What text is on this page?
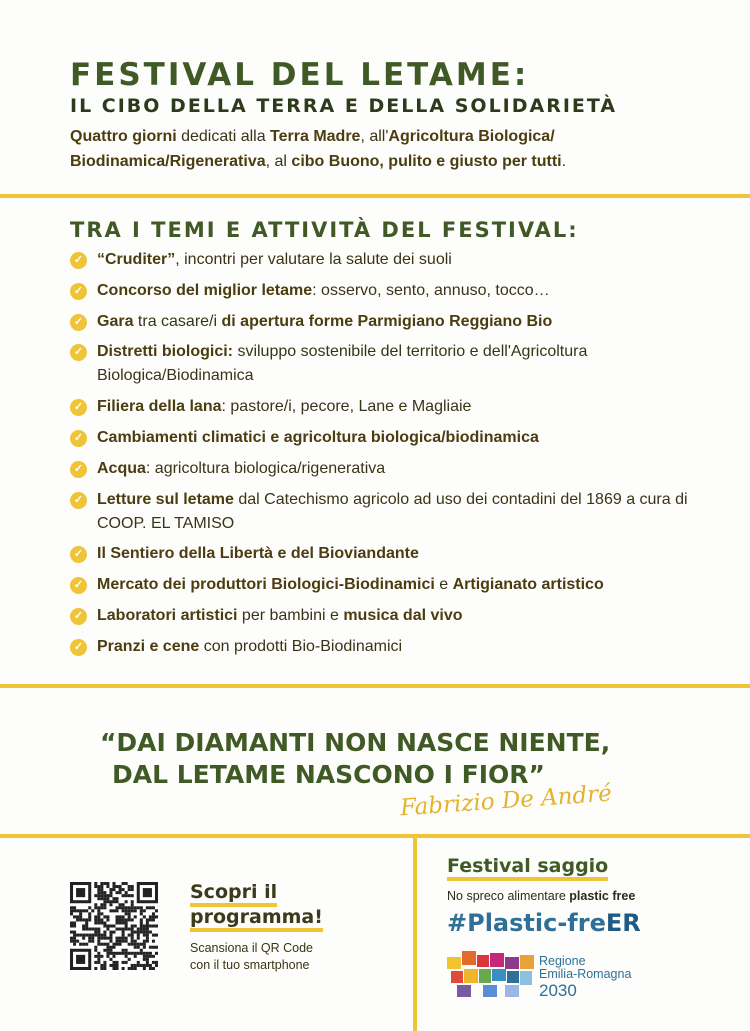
FESTIVAL DEL LETAME:
IL CIBO DELLA TERRA E DELLA SOLIDARIETÀ
Quattro giorni dedicati alla Terra Madre, all'Agricoltura Biologica/ Biodinamica/Rigenerativa, al cibo Buono, pulito e giusto per tutti.
TRA I TEMI E ATTIVITÀ DEL FESTIVAL:
✓ “Cruditer”, incontri per valutare la salute dei suoli
✓ Concorso del miglior letame: osservo, sento, annuso, tocco…
✓ Gara tra casare/i di apertura forme Parmigiano Reggiano Bio
✓ Distretti biologici: sviluppo sostenibile del territorio e dell'Agricoltura Biologica/Biodinamica
✓ Filiera della lana: pastore/i, pecore, Lane e Magliaie
✓ Cambiamenti climatici e agricoltura biologica/biodinamica
✓ Acqua: agricoltura biologica/rigenerativa
✓ Letture sul letame dal Catechismo agricolo ad uso dei contadini del 1869 a cura di COOP. EL TAMISO
✓ Il Sentiero della Libertà e del Bioviandante
✓ Mercato dei produttori Biologici-Biodinamici e Artigianato artistico
✓ Laboratori artistici per bambini e musica dal vivo
✓ Pranzi e cene con prodotti Bio-Biodinamici
“DAI DIAMANTI NON NASCE NIENTE,
DAL LETAME NASCONO I FIOR”
Fabrizio De André
Scopri il
programma!
Scansiona il QR Code
con il tuo smartphone
Festival saggio
No spreco alimentare plastic free
#Plastic-freER
Regione
Emilia-Romagna
2030
